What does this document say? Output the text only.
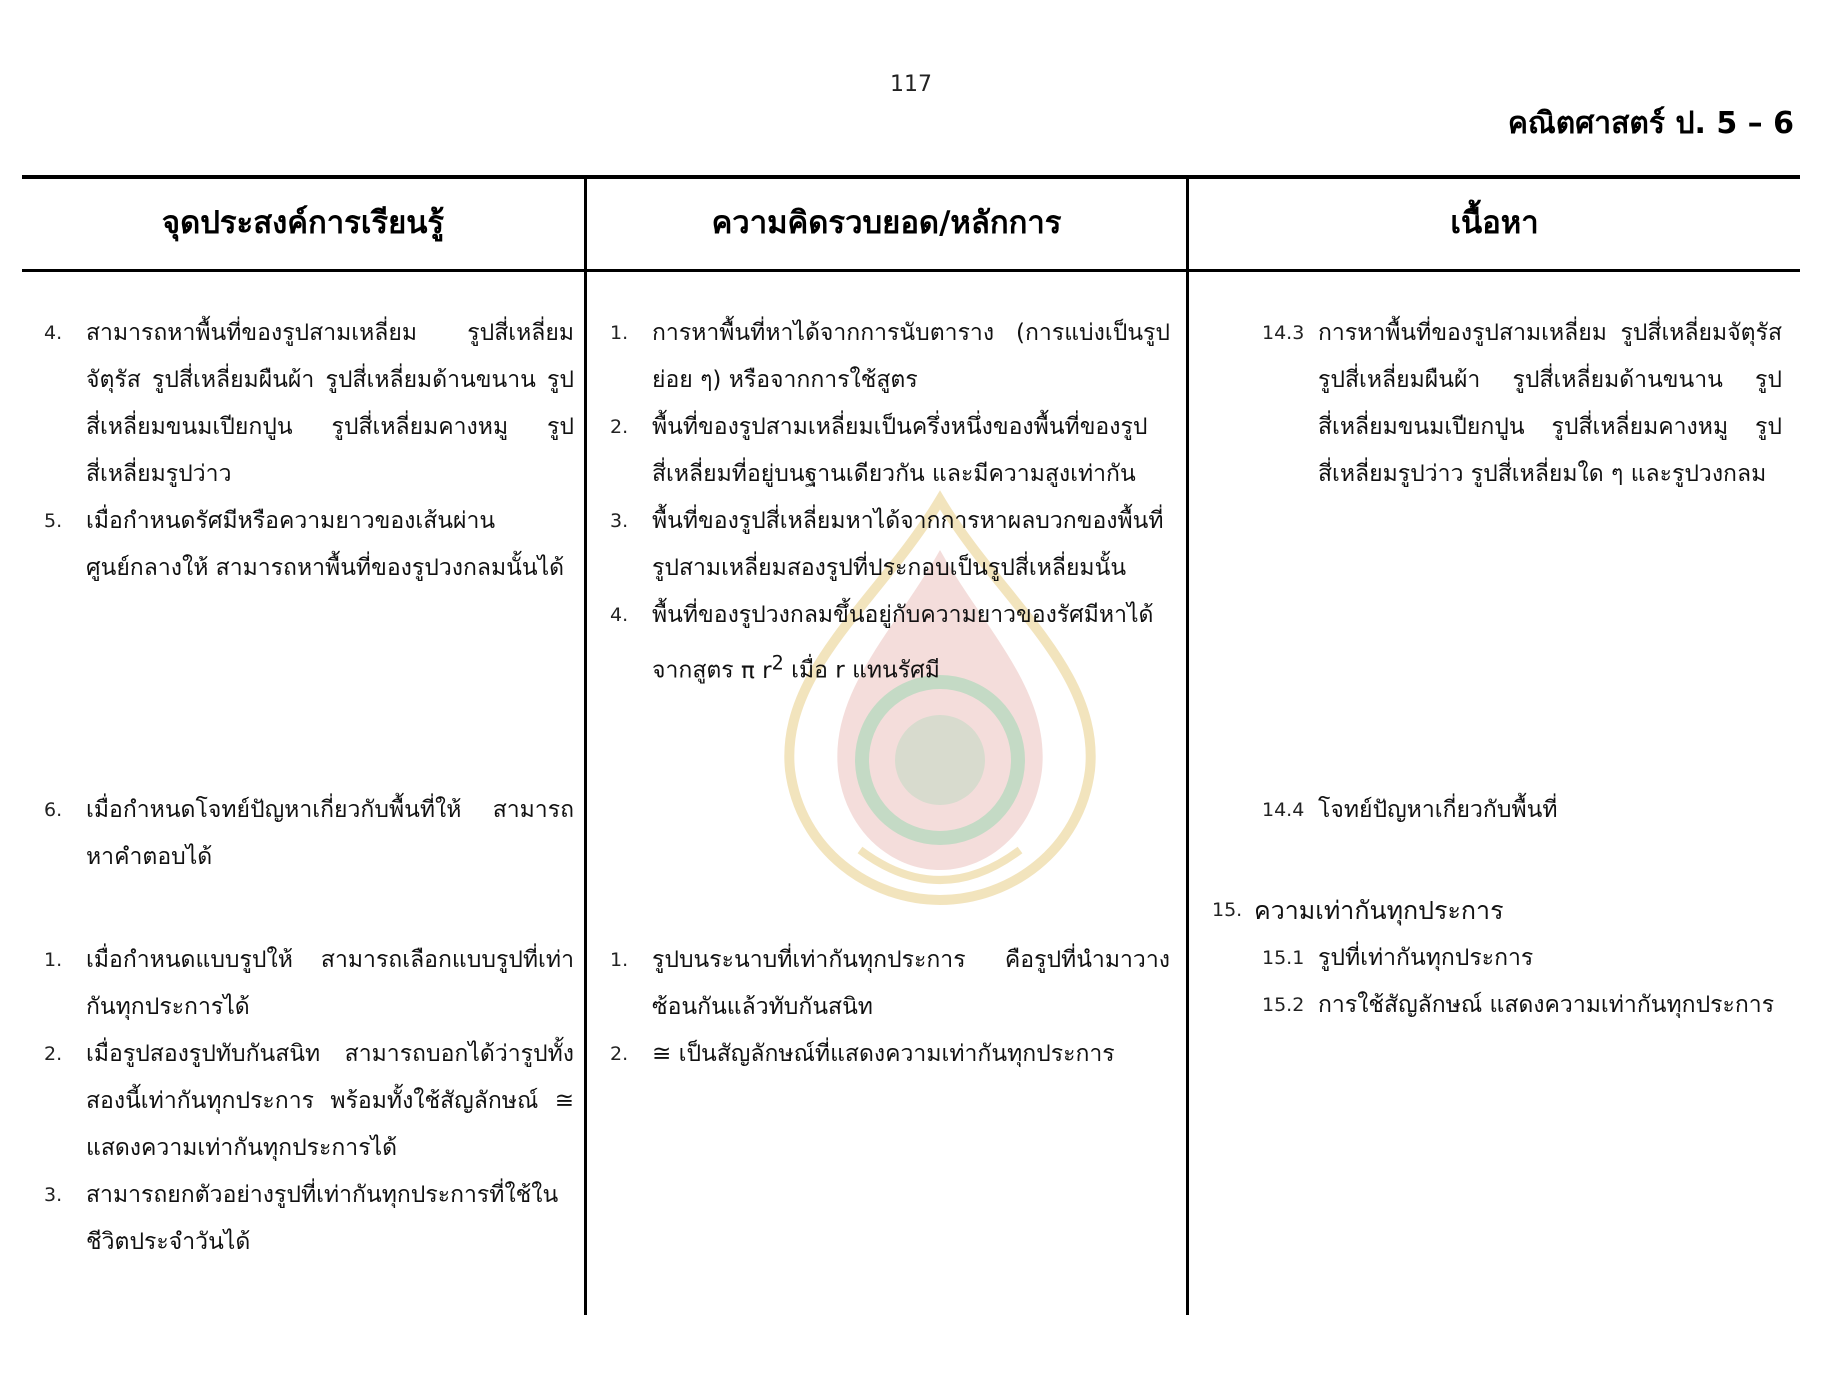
117
คณิตศาสตร์ ป. 5 – 6
จุดประสงค์การเรียนรู้	ความคิดรวบยอด/หลักการ	เนื้อหา
4. สามารถหาพื้นที่ของรูปสามเหลี่ยม รูปสี่เหลี่ยมจัตุรัส รูปสี่เหลี่ยมผืนผ้า รูปสี่เหลี่ยมด้านขนาน รูปสี่เหลี่ยมขนมเปียกปูน รูปสี่เหลี่ยมคางหมู รูปสี่เหลี่ยมรูปว่าว

5. เมื่อกำหนดรัศมีหรือความยาวของเส้นผ่านศูนย์กลางให้ สามารถหาพื้นที่ของรูปวงกลมนั้นได้

6. เมื่อกำหนดโจทย์ปัญหาเกี่ยวกับพื้นที่ให้ สามารถหาคำตอบได้

1. เมื่อกำหนดแบบรูปให้ สามารถเลือกแบบรูปที่เท่ากันทุกประการได้

2. เมื่อรูปสองรูปทับกันสนิท สามารถบอกได้ว่ารูปทั้งสองนี้เท่ากันทุกประการ พร้อมทั้งใช้สัญลักษณ์ ≅ แสดงความเท่ากันทุกประการได้

3. สามารถยกตัวอย่างรูปที่เท่ากันทุกประการที่ใช้ในชีวิตประจำวันได้

1. การหาพื้นที่หาได้จากการนับตาราง (การแบ่งเป็นรูปย่อย ๆ) หรือจากการใช้สูตร

2. พื้นที่ของรูปสามเหลี่ยมเป็นครึ่งหนึ่งของพื้นที่ของรูปสี่เหลี่ยมที่อยู่บนฐานเดียวกัน และมีความสูงเท่ากัน

3. พื้นที่ของรูปสี่เหลี่ยมหาได้จากการหาผลบวกของพื้นที่รูปสามเหลี่ยมสองรูปที่ประกอบเป็นรูปสี่เหลี่ยมนั้น

4. พื้นที่ของรูปวงกลมขึ้นอยู่กับความยาวของรัศมีหาได้จากสูตร π $r^2$ เมื่อ r แทนรัศมี

1. รูปบนระนาบที่เท่ากันทุกประการ คือรูปที่นำมาวางซ้อนกันแล้วทับกันสนิท

2. ≅ เป็นสัญลักษณ์ที่แสดงความเท่ากันทุกประการ

14.3 การหาพื้นที่ของรูปสามเหลี่ยม รูปสี่เหลี่ยมจัตุรัส รูปสี่เหลี่ยมผืนผ้า รูปสี่เหลี่ยมด้านขนาน รูปสี่เหลี่ยมขนมเปียกปูน รูปสี่เหลี่ยมคางหมู รูปสี่เหลี่ยมรูปว่าว รูปสี่เหลี่ยมใด ๆ และรูปวงกลม

14.4 โจทย์ปัญหาเกี่ยวกับพื้นที่

15. ความเท่ากันทุกประการ

15.1 รูปที่เท่ากันทุกประการ

15.2 การใช้สัญลักษณ์ แสดงความเท่ากันทุกประการ
